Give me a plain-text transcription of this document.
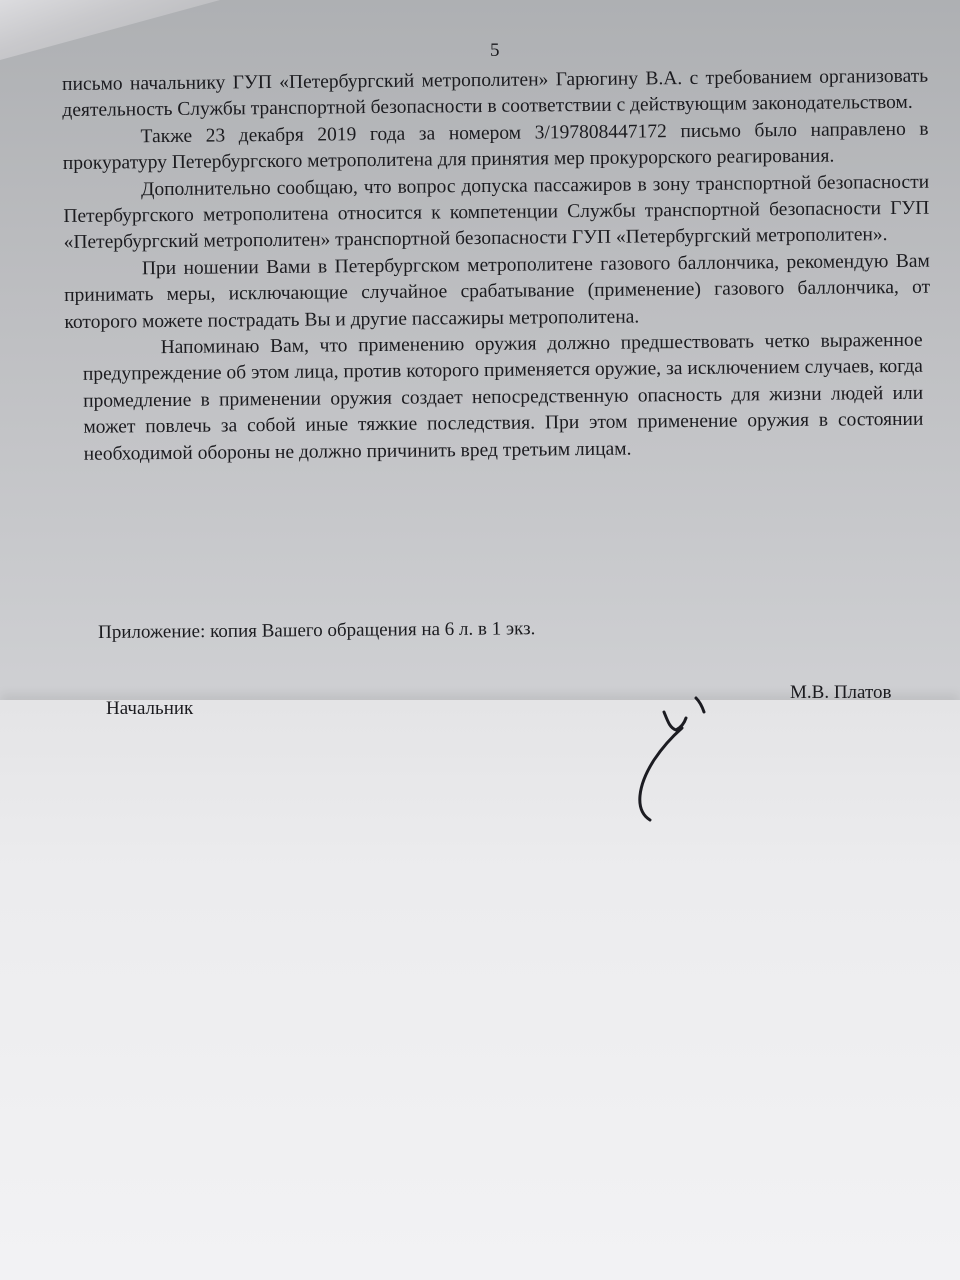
5

письмо начальнику ГУП «Петербургский метрополитен» Гарюгину В.А. с требованием организовать деятельность Службы транспортной безопасности в соответствии с действующим законодательством.

Также 23 декабря 2019 года за номером 3/197808447172 письмо было направлено в прокуратуру Петербургского метрополитена для принятия мер прокурорского реагирования.

Дополнительно сообщаю, что вопрос допуска пассажиров в зону транспортной безопасности Петербургского метрополитена относится к компетенции Службы транспортной безопасности ГУП «Петербургский метрополитен» транспортной безопасности ГУП «Петербургский метрополитен».

При ношении Вами в Петербургском метрополитене газового баллончика, рекомендую Вам принимать меры, исключающие случайное срабатывание (применение) газового баллончика, от которого можете пострадать Вы и другие пассажиры метрополитена.

Напоминаю Вам, что применению оружия должно предшествовать четко выраженное предупреждение об этом лица, против которого применяется оружие, за исключением случаев, когда промедление в применении оружия создает непосредственную опасность для жизни людей или может повлечь за собой иные тяжкие последствия. При этом применение оружия в состоянии необходимой обороны не должно причинить вред третьим лицам.

Приложение: копия Вашего обращения на 6 л. в 1 экз.
Начальник
М.В. Платов
